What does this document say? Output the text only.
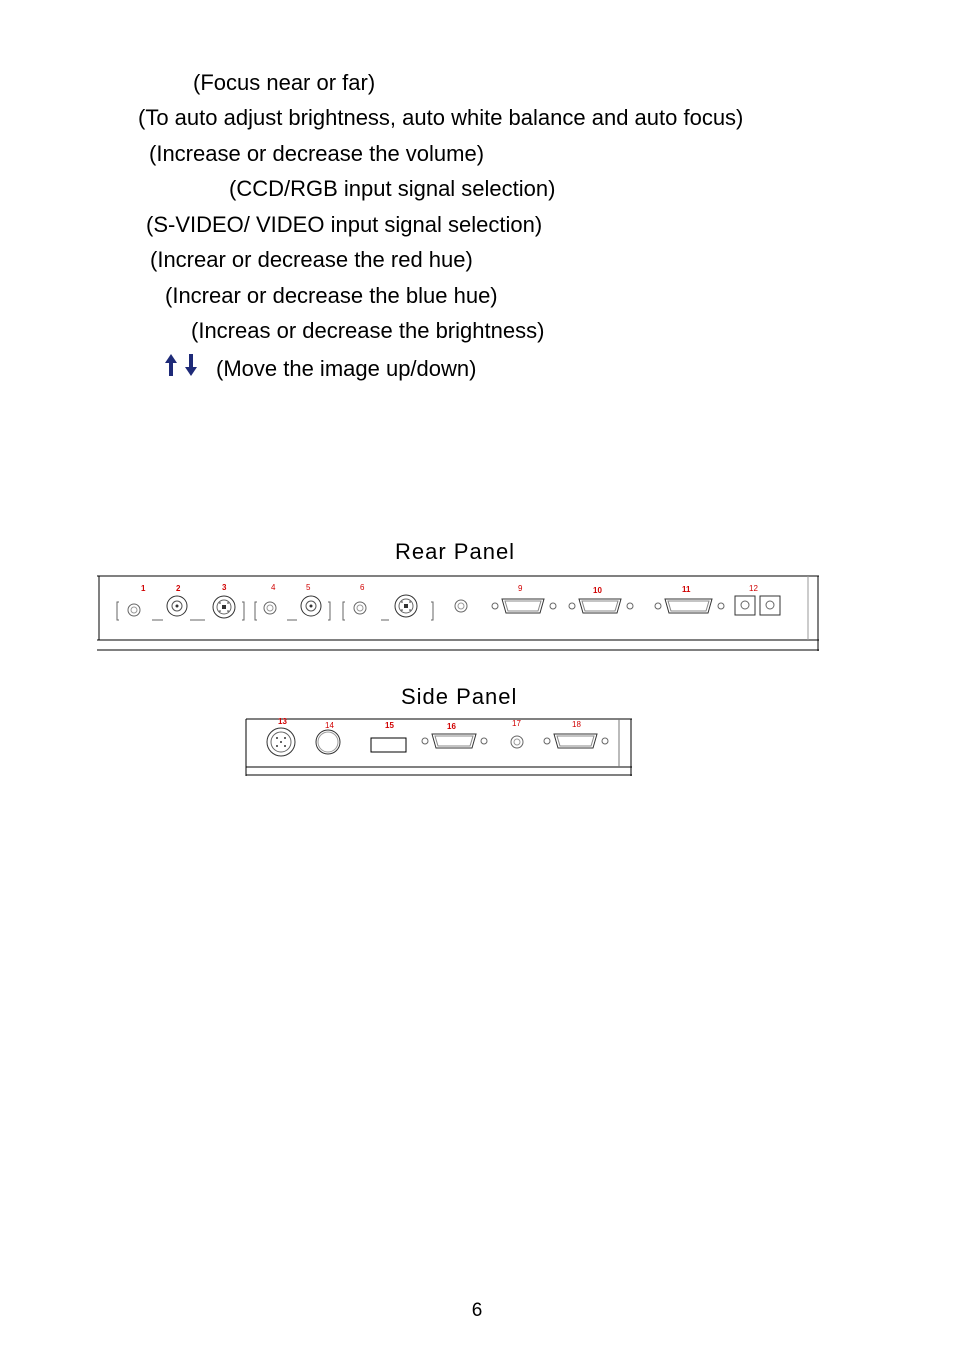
(Focus near or far)
(To auto adjust brightness, auto white balance and auto focus)
(Increase or decrease the volume)
(CCD/RGB input signal selection)
(S-VIDEO/ VIDEO input signal selection)
(Increar or decrease the red hue)
(Increar or decrease the blue hue)
(Increas or decrease the brightness)
(Move the image up/down)
Rear Panel
1	2	3	4	5	6	9	10	11	12
Side Panel
13	14	15	16	17	18
6
